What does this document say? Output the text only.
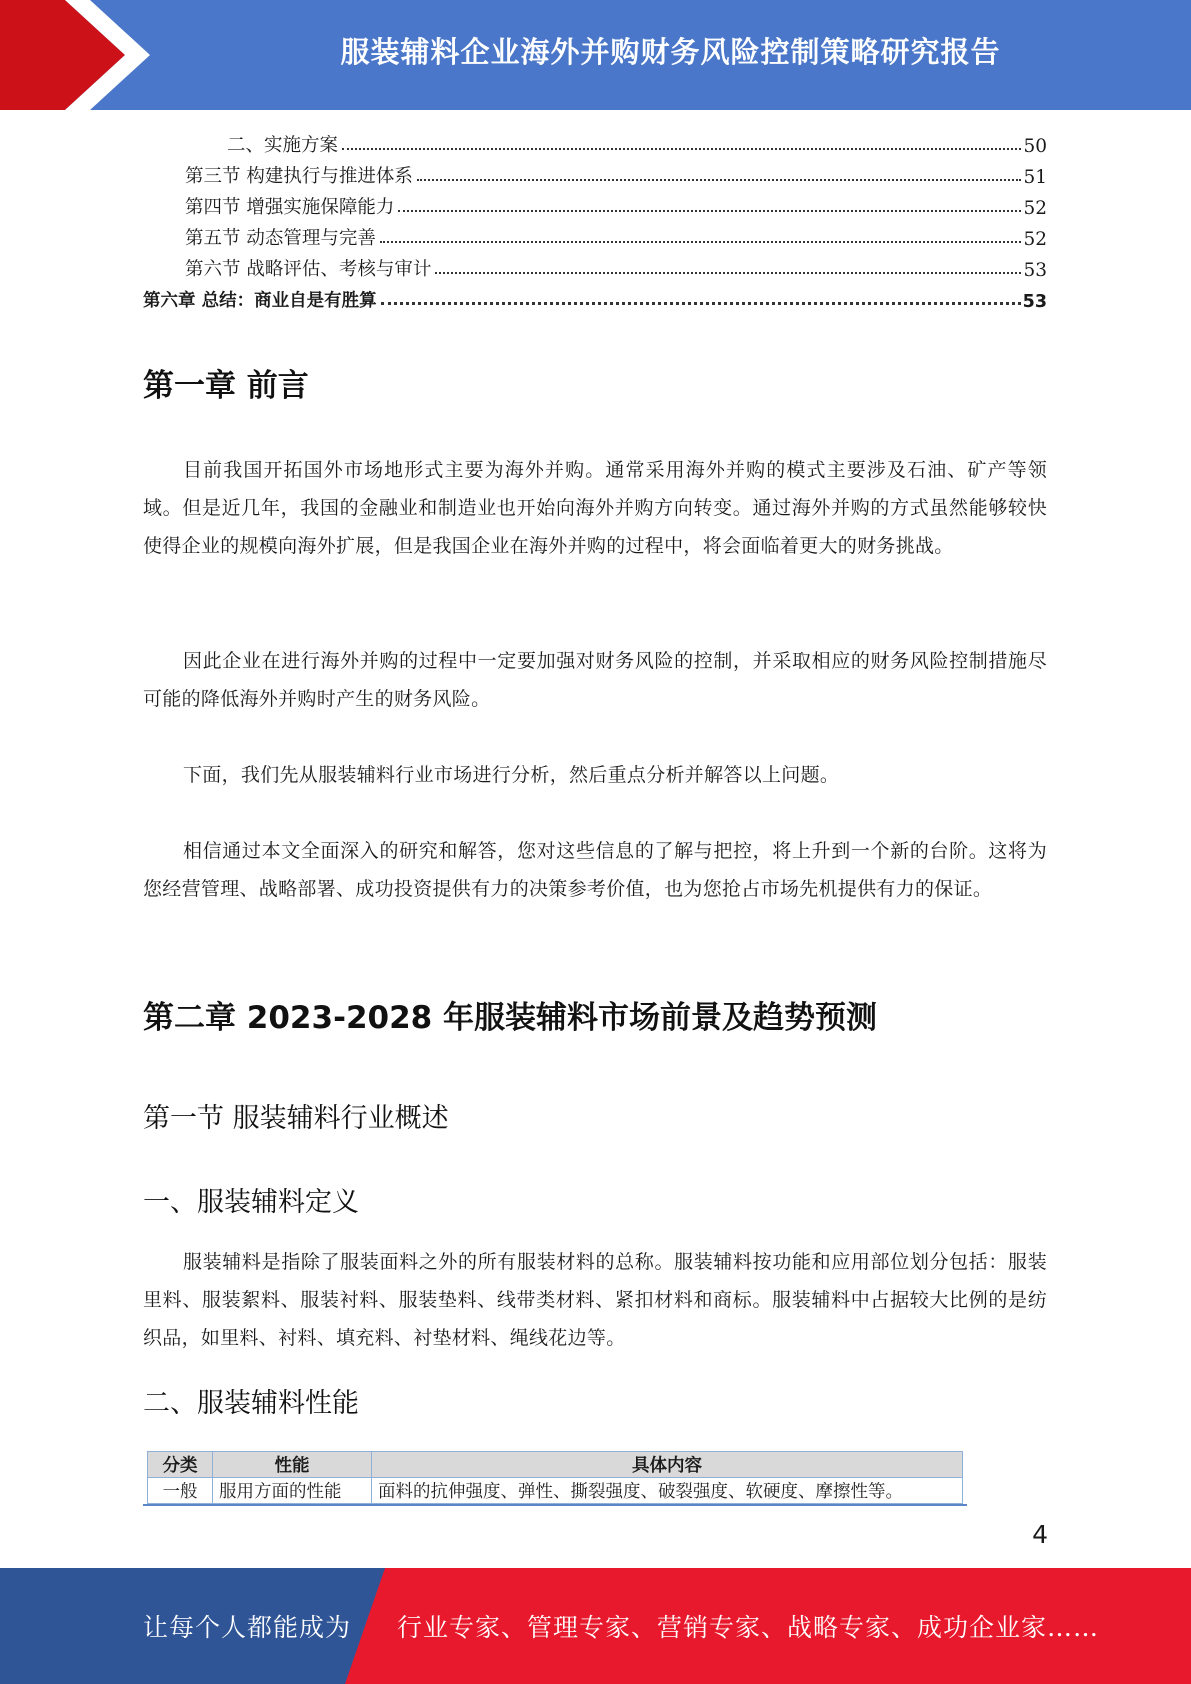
服装辅料企业海外并购财务风险控制策略研究报告
二、实施方案	50
第三节 构建执行与推进体系	51
第四节 增强实施保障能力	52
第五节 动态管理与完善	52
第六节 战略评估、考核与审计	53
第六章 总结：商业自是有胜算	53
第一章 前言

目前我国开拓国外市场地形式主要为海外并购。通常采用海外并购的模式主要涉及石油、矿产等领域。但是近几年，我国的金融业和制造业也开始向海外并购方向转变。通过海外并购的方式虽然能够较快使得企业的规模向海外扩展，但是我国企业在海外并购的过程中，将会面临着更大的财务挑战。

因此企业在进行海外并购的过程中一定要加强对财务风险的控制，并采取相应的财务风险控制措施尽可能的降低海外并购时产生的财务风险。

下面，我们先从服装辅料行业市场进行分析，然后重点分析并解答以上问题。

相信通过本文全面深入的研究和解答，您对这些信息的了解与把控，将上升到一个新的台阶。这将为您经营管理、战略部署、成功投资提供有力的决策参考价值，也为您抢占市场先机提供有力的保证。

第二章 2023-2028 年服装辅料市场前景及趋势预测
第一节 服装辅料行业概述
一、服装辅料定义

服装辅料是指除了服装面料之外的所有服装材料的总称。服装辅料按功能和应用部位划分包括：服装里料、服装絮料、服装衬料、服装垫料、线带类材料、紧扣材料和商标。服装辅料中占据较大比例的是纺织品，如里料、衬料、填充料、衬垫材料、绳线花边等。

二、服装辅料性能
分类	性能	具体内容
一般	服用方面的性能	面料的抗伸强度、弹性、撕裂强度、破裂强度、软硬度、摩擦性等。
4
让每个人都能成为 行业专家、管理专家、营销专家、战略专家、成功企业家……
